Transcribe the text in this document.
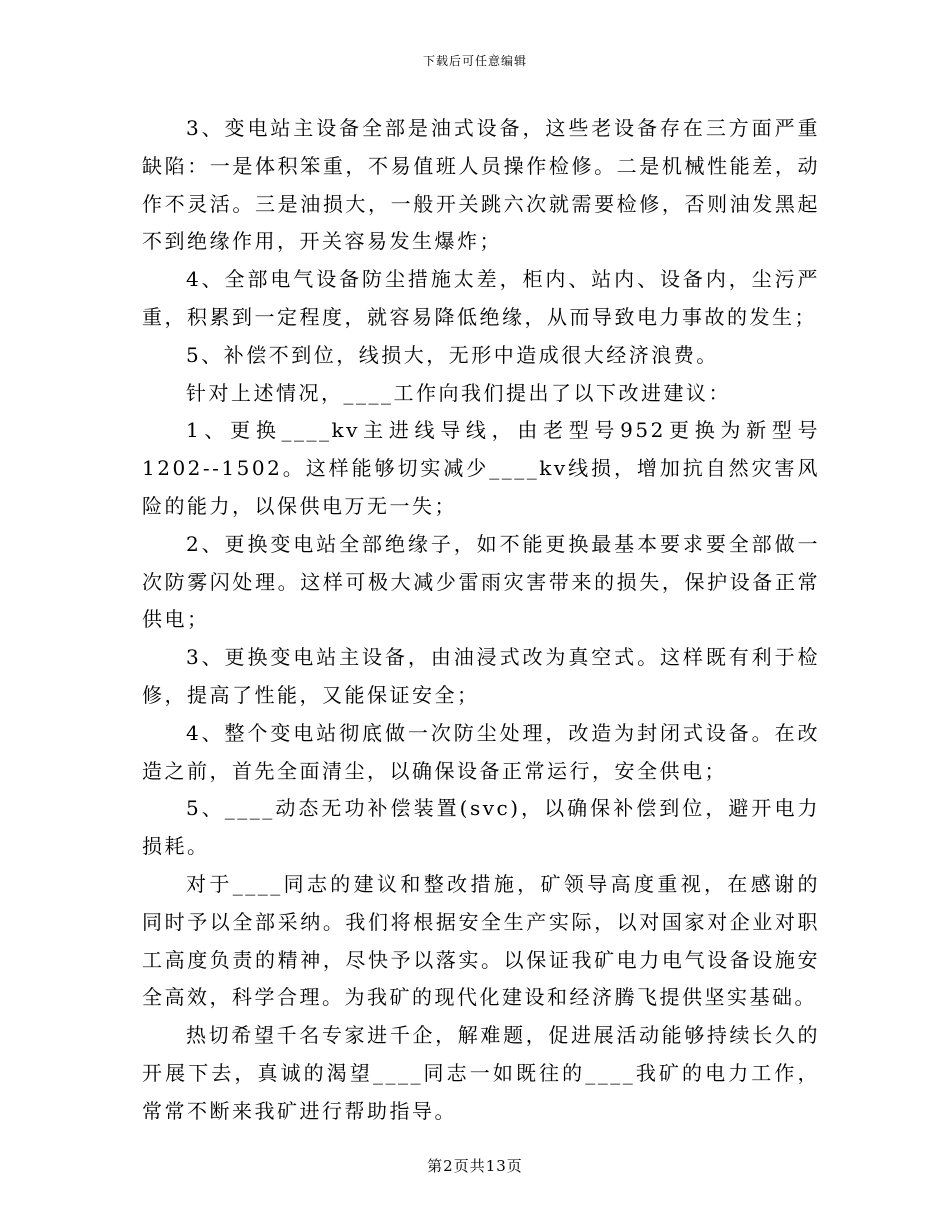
下载后可任意编辑

3、变电站主设备全部是油式设备，这些老设备存在三方面严重缺陷：一是体积笨重，不易值班人员操作检修。二是机械性能差，动作不灵活。三是油损大，一般开关跳六次就需要检修，否则油发黑起不到绝缘作用，开关容易发生爆炸；

4、全部电气设备防尘措施太差，柜内、站内、设备内，尘污严重，积累到一定程度，就容易降低绝缘，从而导致电力事故的发生；

5、补偿不到位，线损大，无形中造成很大经济浪费。

针对上述情况，____工作向我们提出了以下改进建议：

1、更换____kv主进线导线，由老型号952更换为新型号1202--1502。这样能够切实减少____kv线损，增加抗自然灾害风险的能力，以保供电万无一失；

2、更换变电站全部绝缘子，如不能更换最基本要求要全部做一次防雾闪处理。这样可极大减少雷雨灾害带来的损失，保护设备正常供电；

3、更换变电站主设备，由油浸式改为真空式。这样既有利于检修，提高了性能，又能保证安全；

4、整个变电站彻底做一次防尘处理，改造为封闭式设备。在改造之前，首先全面清尘，以确保设备正常运行，安全供电；

5、____动态无功补偿装置(svc)，以确保补偿到位，避开电力损耗。

对于____同志的建议和整改措施，矿领导高度重视，在感谢的同时予以全部采纳。我们将根据安全生产实际，以对国家对企业对职工高度负责的精神，尽快予以落实。以保证我矿电力电气设备设施安全高效，科学合理。为我矿的现代化建设和经济腾飞提供坚实基础。

热切希望千名专家进千企，解难题，促进展活动能够持续长久的开展下去，真诚的渴望____同志一如既往的____我矿的电力工作，常常不断来我矿进行帮助指导。

第2页共13页
